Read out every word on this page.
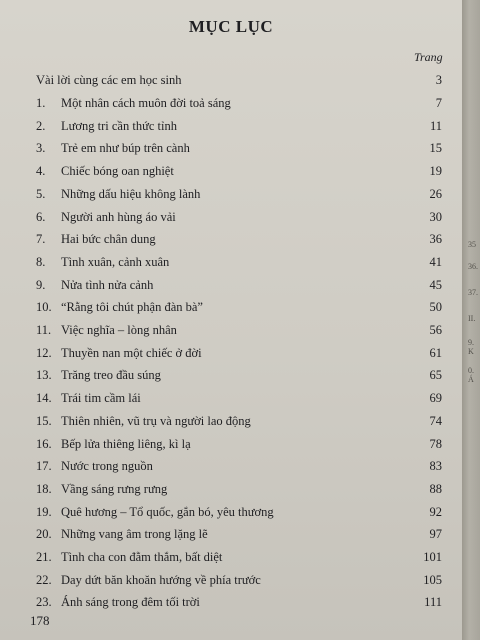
MỤC LỤC
Trang
Vài lời cùng các em học sinh	3
1. Một nhân cách muôn đời toả sáng	7
2. Lương tri cần thức tỉnh	11
3. Trẻ em như búp trên cành	15
4. Chiếc bóng oan nghiệt	19
5. Những dấu hiệu không lành	26
6. Người anh hùng áo vải	30
7. Hai bức chân dung	36
8. Tình xuân, cảnh xuân	41
9. Nửa tình nửa cảnh	45
10. “Rằng tôi chút phận đàn bà”	50
11. Việc nghĩa – lòng nhân	56
12. Thuyền nan một chiếc ở đời	61
13. Trăng treo đầu súng	65
14. Trái tim cầm lái	69
15. Thiên nhiên, vũ trụ và người lao động	74
16. Bếp lửa thiêng liêng, kì lạ	78
17. Nước trong nguồn	83
18. Vầng sáng rưng rưng	88
19. Quê hương – Tổ quốc, gắn bó, yêu thương	92
20. Những vang âm trong lặng lẽ	97
21. Tình cha con đằm thắm, bất diệt	101
22. Day dứt băn khoăn hướng về phía trước	105
23. Ánh sáng trong đêm tối trời	111
178
35
36.
37.
II.
9. K
0. Á
